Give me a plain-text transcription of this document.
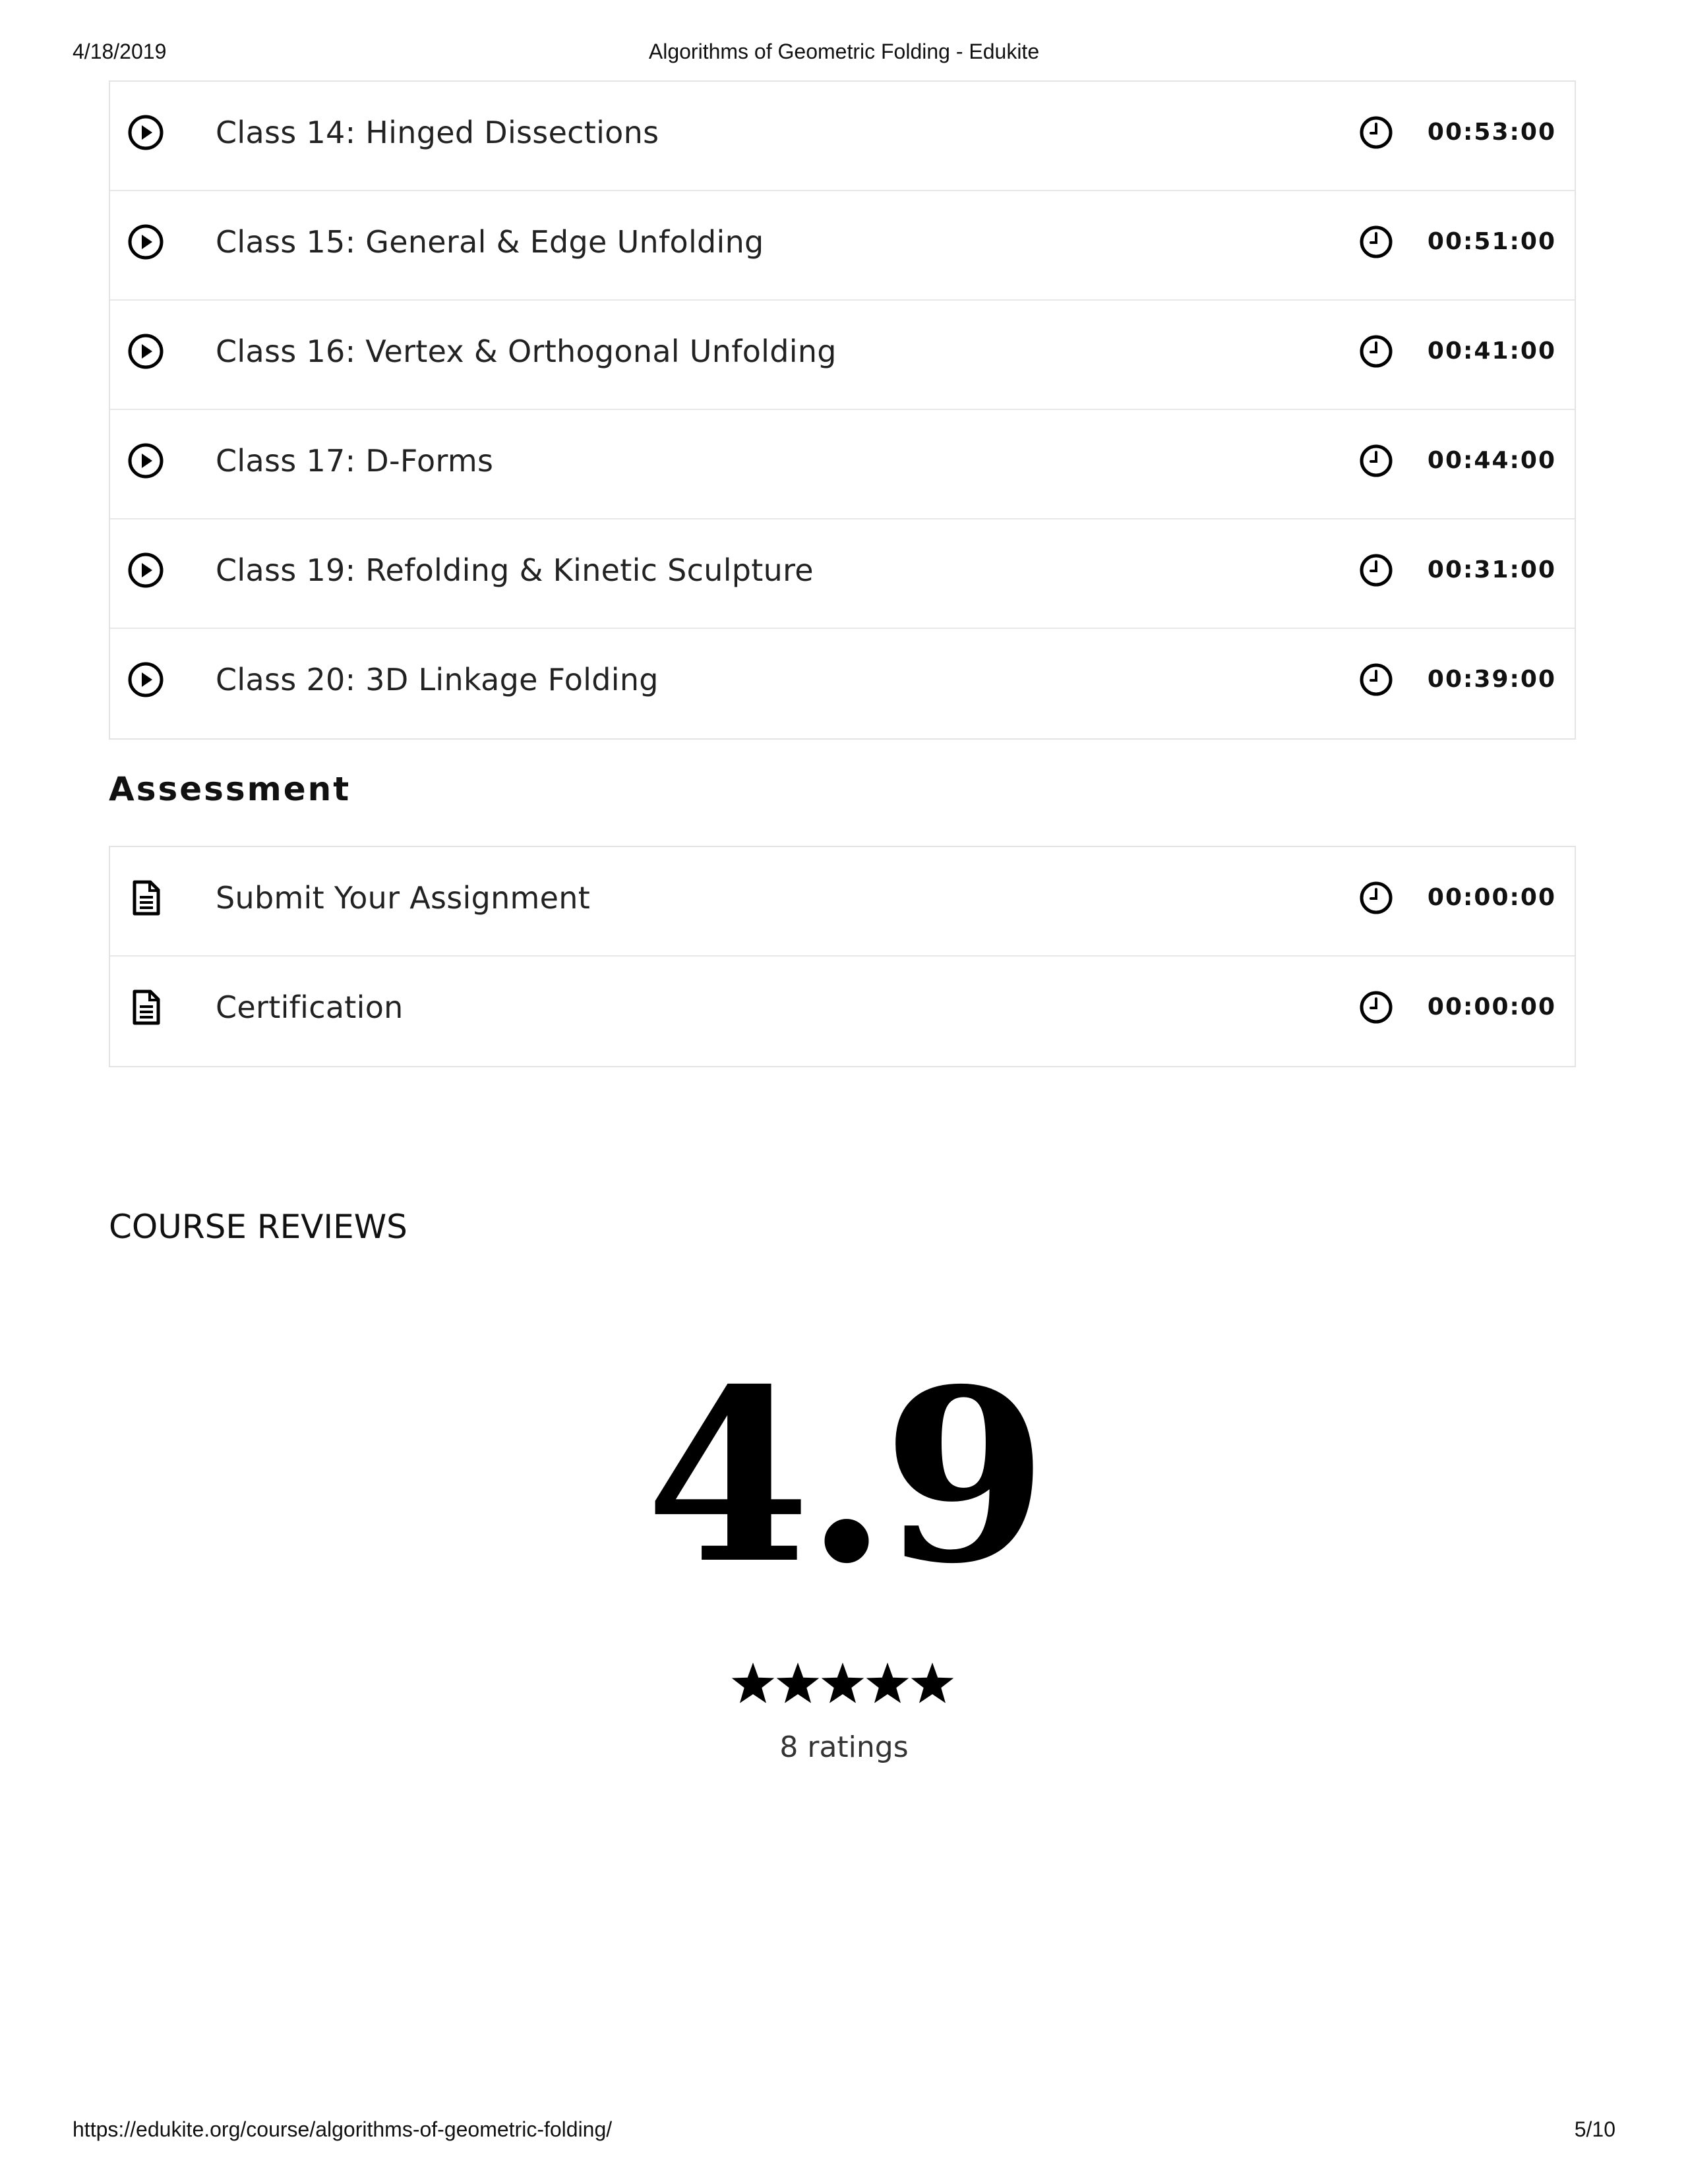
4/18/2019	Algorithms of Geometric Folding - Edukite
Class 14: Hinged Dissections	00:53:00
Class 15: General & Edge Unfolding	00:51:00
Class 16: Vertex & Orthogonal Unfolding	00:41:00
Class 17: D-Forms	00:44:00
Class 19: Refolding & Kinetic Sculpture	00:31:00
Class 20: 3D Linkage Folding	00:39:00
Assessment
Submit Your Assignment	00:00:00
Certification	00:00:00
COURSE REVIEWS
4.9
8 ratings
https://edukite.org/course/algorithms-of-geometric-folding/	5/10
